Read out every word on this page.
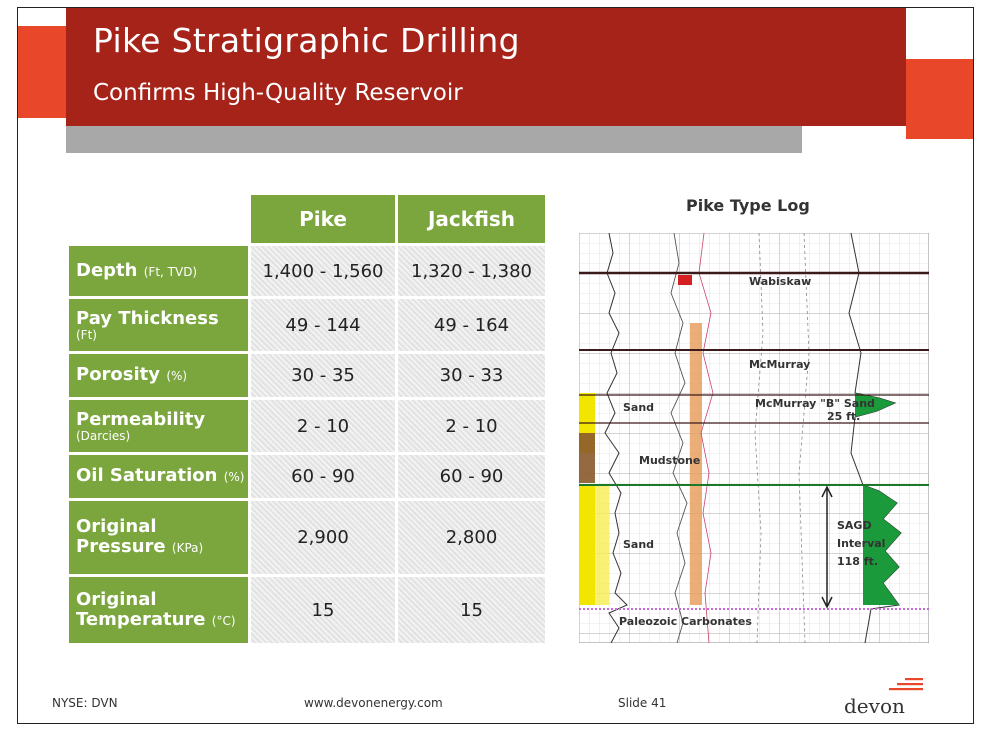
Pike Stratigraphic Drilling
Confirms High-Quality Reservoir
Pike	Jackfish
Depth (Ft, TVD)	1,400 - 1,560	1,320 - 1,380
Pay Thickness
(Ft)	49 - 144	49 - 164
Porosity (%)	30 - 35	30 - 33
Permeability
(Darcies)	2 - 10	2 - 10
Oil Saturation (%)	60 - 90	60 - 90
Original
Pressure (KPa)	2,900	2,800
Original
Temperature (°C)	15	15
Pike Type Log
Wabiskaw
McMurray
Sand	McMurray "B" Sand
25 ft.
Mudstone
Sand
SAGD
Interval
118 ft.
Paleozoic Carbonates
NYSE: DVN	www.devonenergy.com	Slide 41	devon
